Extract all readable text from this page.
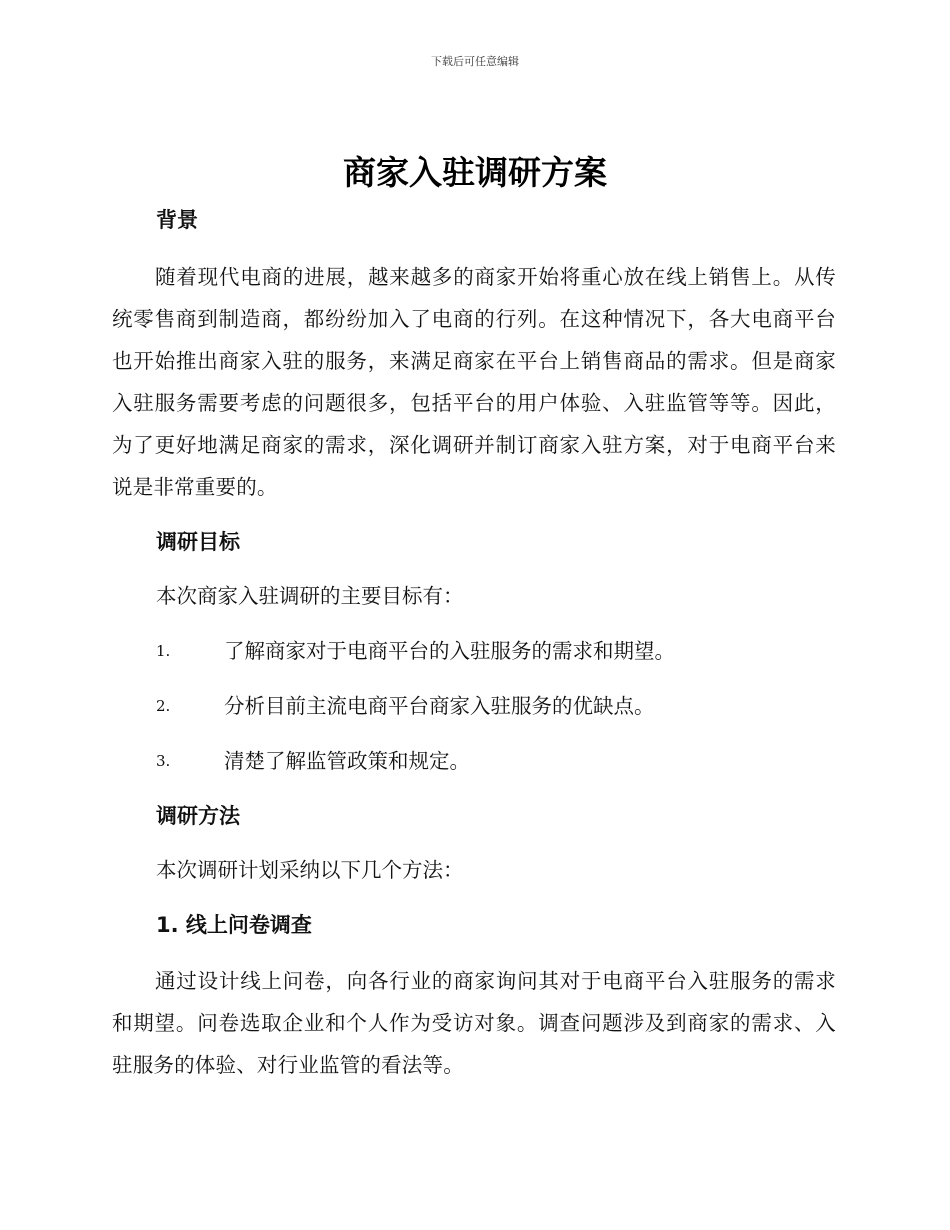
下载后可任意编辑
商家入驻调研方案
背景
随着现代电商的进展，越来越多的商家开始将重心放在线上销售上。从传统零售商到制造商，都纷纷加入了电商的行列。在这种情况下，各大电商平台也开始推出商家入驻的服务，来满足商家在平台上销售商品的需求。但是商家入驻服务需要考虑的问题很多，包括平台的用户体验、入驻监管等等。因此，为了更好地满足商家的需求，深化调研并制订商家入驻方案，对于电商平台来说是非常重要的。
调研目标
本次商家入驻调研的主要目标有：
1.	了解商家对于电商平台的入驻服务的需求和期望。
2.	分析目前主流电商平台商家入驻服务的优缺点。
3.	清楚了解监管政策和规定。
调研方法
本次调研计划采纳以下几个方法：
1. 线上问卷调查
通过设计线上问卷，向各行业的商家询问其对于电商平台入驻服务的需求和期望。问卷选取企业和个人作为受访对象。调查问题涉及到商家的需求、入驻服务的体验、对行业监管的看法等。
